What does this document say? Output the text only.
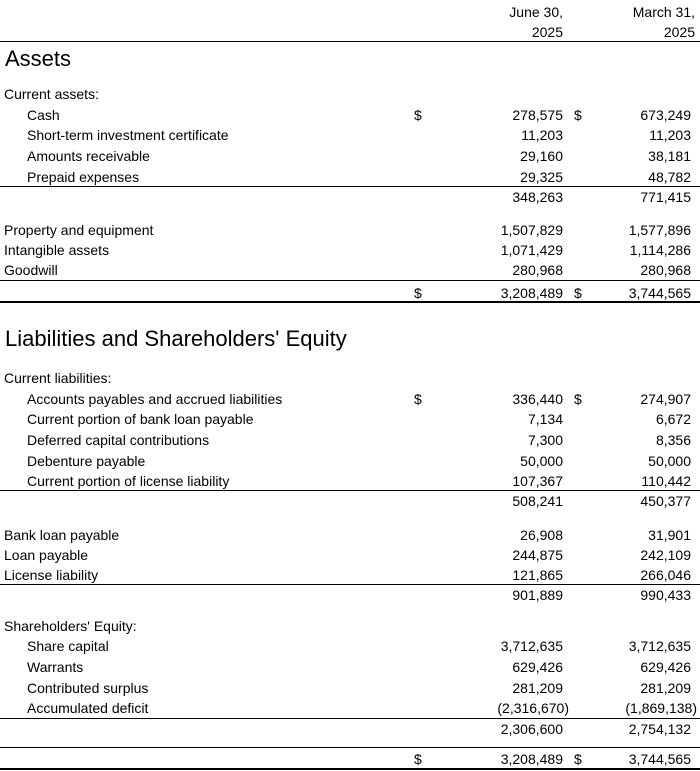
June 30,
2025
March 31,
2025
Assets
Current assets:
Cash	$	278,575 $	673,249
Short-term investment certificate	11,203	11,203
Amounts receivable	29,160	38,181
Prepaid expenses	29,325	48,782
348,263	771,415
Property and equipment	1,507,829	1,577,896
Intangible assets	1,071,429	1,114,286
Goodwill	280,968	280,968
$	3,208,489 $	3,744,565
Liabilities and Shareholders' Equity
Current liabilities:
Accounts payables and accrued liabilities	$	336,440 $	274,907
Current portion of bank loan payable	7,134	6,672
Deferred capital contributions	7,300	8,356
Debenture payable	50,000	50,000
Current portion of license liability	107,367	110,442
508,241	450,377
Bank loan payable	26,908	31,901
Loan payable	244,875	242,109
License liability	121,865	266,046
901,889	990,433
Shareholders' Equity:
Share capital	3,712,635	3,712,635
Warrants	629,426	629,426
Contributed surplus	281,209	281,209
Accumulated deficit	(2,316,670)	(1,869,138)
2,306,600	2,754,132
$	3,208,489 $	3,744,565
